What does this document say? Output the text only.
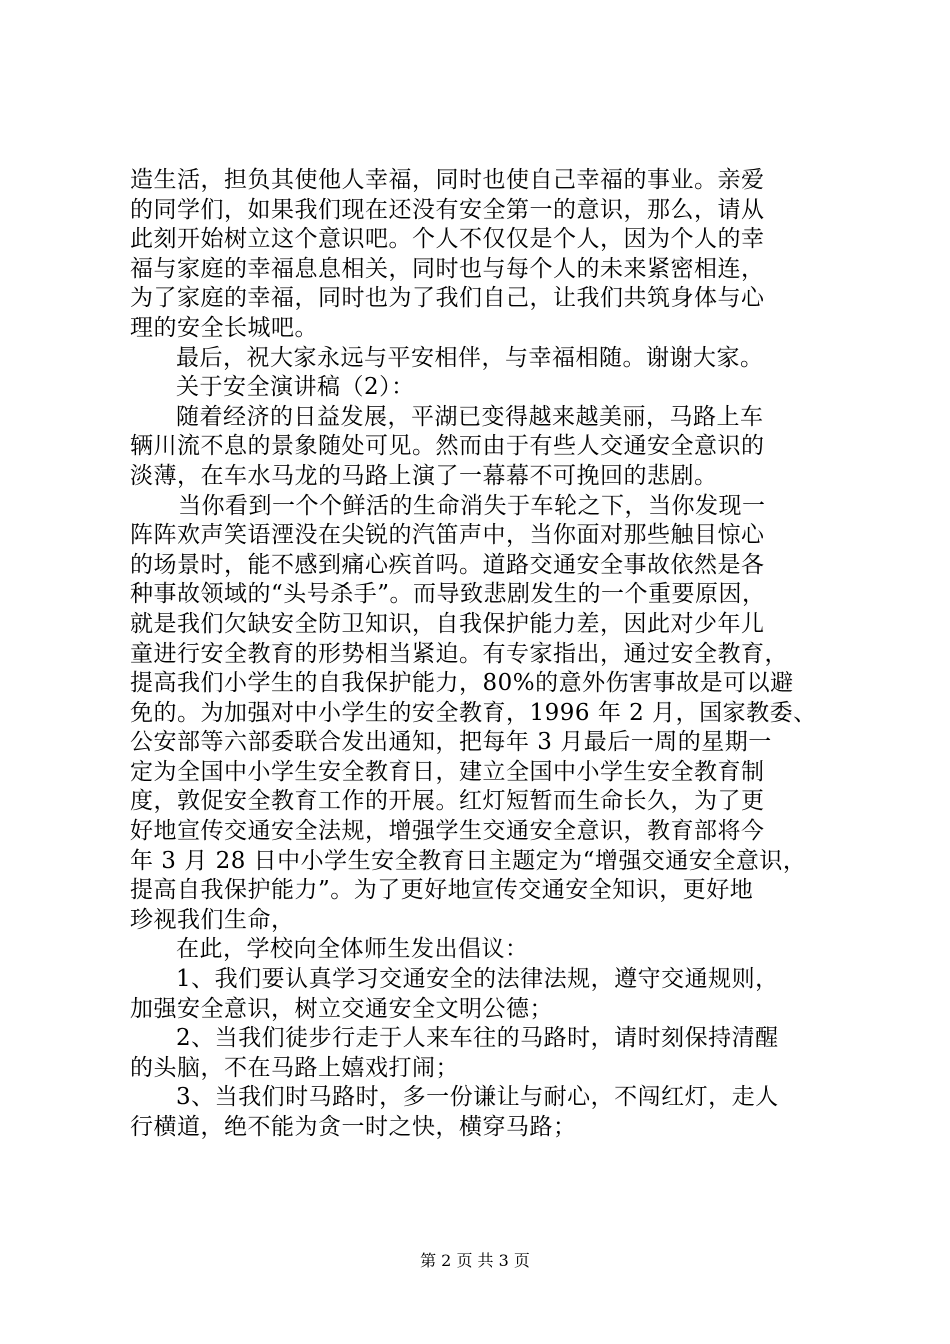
造生活，担负其使他人幸福，同时也使自己幸福的事业。亲爱
的同学们，如果我们现在还没有安全第一的意识，那么，请从
此刻开始树立这个意识吧。个人不仅仅是个人，因为个人的幸
福与家庭的幸福息息相关，同时也与每个人的未来紧密相连，
为了家庭的幸福，同时也为了我们自己，让我们共筑身体与心
理的安全长城吧。
最后，祝大家永远与平安相伴，与幸福相随。谢谢大家。
关于安全演讲稿（2）：
随着经济的日益发展，平湖已变得越来越美丽，马路上车
辆川流不息的景象随处可见。然而由于有些人交通安全意识的
淡薄，在车水马龙的马路上演了一幕幕不可挽回的悲剧。
当你看到一个个鲜活的生命消失于车轮之下，当你发现一
阵阵欢声笑语湮没在尖锐的汽笛声中，当你面对那些触目惊心
的场景时，能不感到痛心疾首吗。道路交通安全事故依然是各
种事故领域的“头号杀手”。而导致悲剧发生的一个重要原因，
就是我们欠缺安全防卫知识，自我保护能力差，因此对少年儿
童进行安全教育的形势相当紧迫。有专家指出，通过安全教育，
提高我们小学生的自我保护能力，80%的意外伤害事故是可以避
免的。为加强对中小学生的安全教育，1996 年 2 月，国家教委、
公安部等六部委联合发出通知，把每年 3 月最后一周的星期一
定为全国中小学生安全教育日，建立全国中小学生安全教育制
度，敦促安全教育工作的开展。红灯短暂而生命长久，为了更
好地宣传交通安全法规，增强学生交通安全意识，教育部将今
年 3 月 28 日中小学生安全教育日主题定为“增强交通安全意识，
提高自我保护能力”。为了更好地宣传交通安全知识，更好地
珍视我们生命，
在此，学校向全体师生发出倡议：
1、我们要认真学习交通安全的法律法规，遵守交通规则，
加强安全意识，树立交通安全文明公德；
2、当我们徒步行走于人来车往的马路时，请时刻保持清醒
的头脑，不在马路上嬉戏打闹；
3、当我们时马路时，多一份谦让与耐心，不闯红灯，走人
行横道，绝不能为贪一时之快，横穿马路；
第 2 页 共 3 页
